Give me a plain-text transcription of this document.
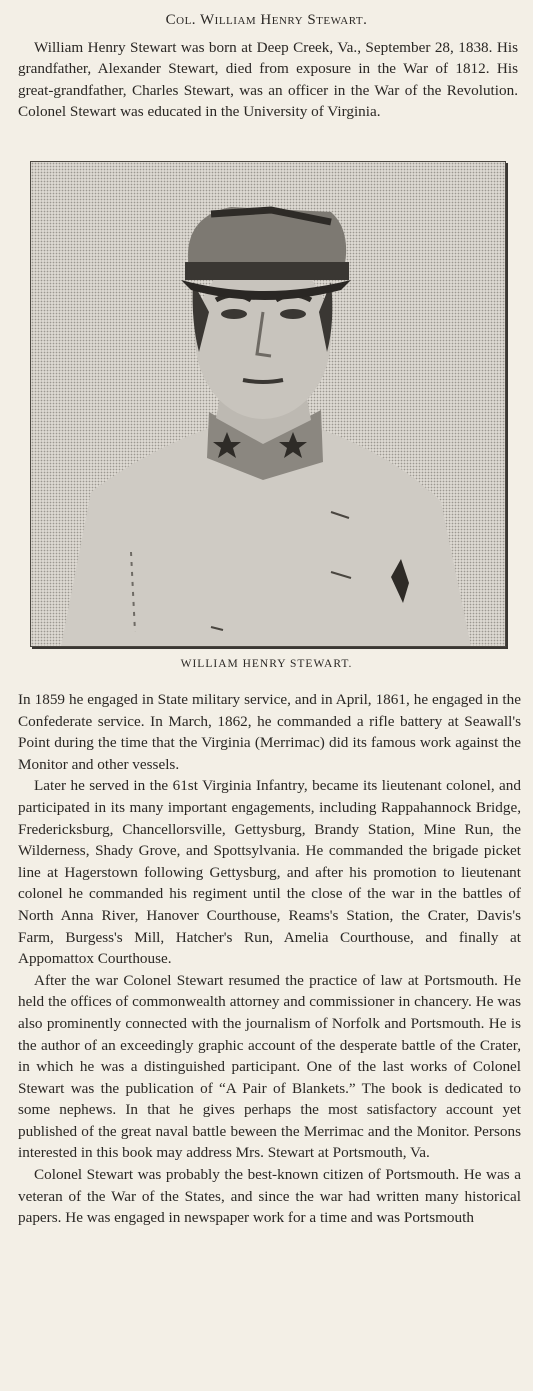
Col. William Henry Stewart.

William Henry Stewart was born at Deep Creek, Va., September 28, 1838. His grandfather, Alexander Stewart, died from exposure in the War of 1812. His great-grandfather, Charles Stewart, was an officer in the War of the Revolution. Colonel Stewart was educated in the University of Virginia.

WILLIAM HENRY STEWART.

In 1859 he engaged in State military service, and in April, 1861, he engaged in the Confederate service. In March, 1862, he commanded a rifle battery at Seawall's Point during the time that the Virginia (Merrimac) did its famous work against the Monitor and other vessels.

Later he served in the 61st Virginia Infantry, became its lieutenant colonel, and participated in its many important engagements, including Rappahannock Bridge, Fredericksburg, Chancellorsville, Gettysburg, Brandy Station, Mine Run, the Wilderness, Shady Grove, and Spottsylvania. He commanded the brigade picket line at Hagerstown following Gettysburg, and after his promotion to lieutenant colonel he commanded his regiment until the close of the war in the battles of North Anna River, Hanover Courthouse, Reams's Station, the Crater, Davis's Farm, Burgess's Mill, Hatcher's Run, Amelia Courthouse, and finally at Appomattox Courthouse.

After the war Colonel Stewart resumed the practice of law at Portsmouth. He held the offices of commonwealth attorney and commissioner in chancery. He was also prominently connected with the journalism of Norfolk and Portsmouth. He is the author of an exceedingly graphic account of the desperate battle of the Crater, in which he was a distinguished participant. One of the last works of Colonel Stewart was the publication of “A Pair of Blankets.” The book is dedicated to some nephews. In that he gives perhaps the most satisfactory account yet published of the great naval battle beween the Merrimac and the Monitor. Persons interested in this book may address Mrs. Stewart at Portsmouth, Va.

Colonel Stewart was probably the best-known citizen of Portsmouth. He was a veteran of the War of the States, and since the war had written many historical papers. He was engaged in newspaper work for a time and was Portsmouth
